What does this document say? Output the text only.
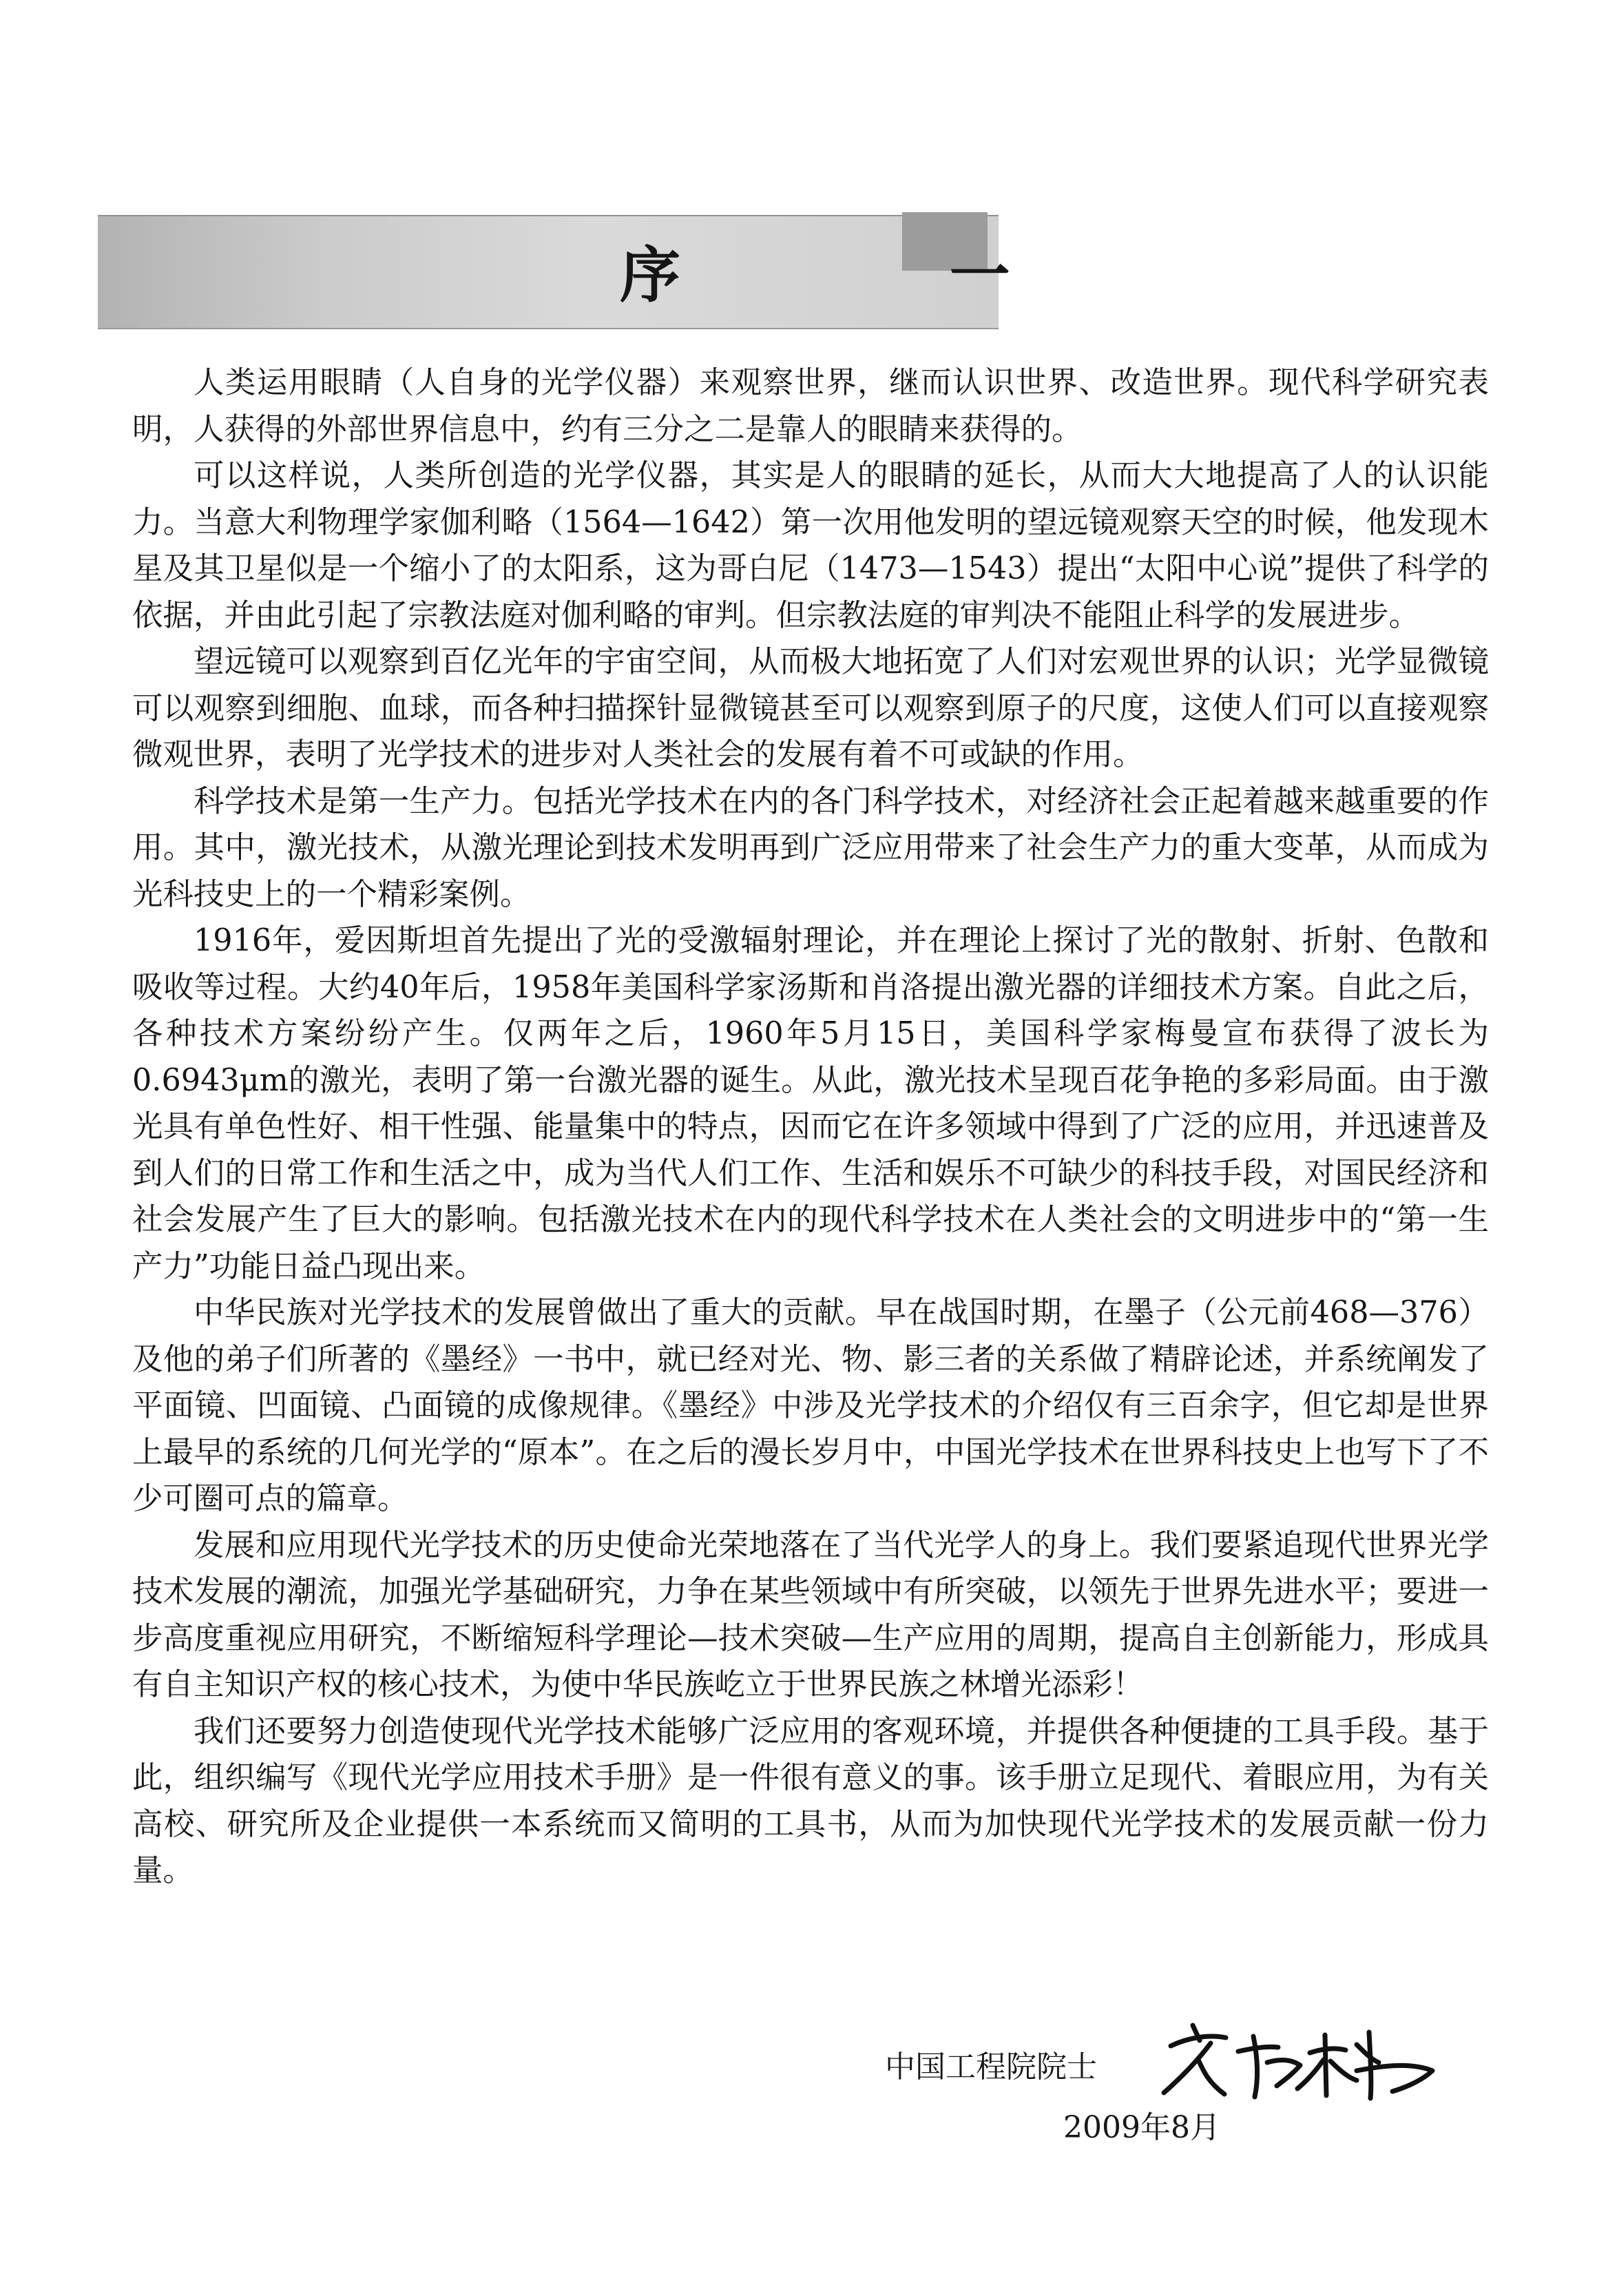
序 一

人类运用眼睛（人自身的光学仪器）来观察世界，继而认识世界、改造世界。现代科学研究表明，人获得的外部世界信息中，约有三分之二是靠人的眼睛来获得的。

可以这样说，人类所创造的光学仪器，其实是人的眼睛的延长，从而大大地提高了人的认识能力。当意大利物理学家伽利略（1564—1642）第一次用他发明的望远镜观察天空的时候，他发现木星及其卫星似是一个缩小了的太阳系，这为哥白尼（1473—1543）提出“太阳中心说”提供了科学的依据，并由此引起了宗教法庭对伽利略的审判。但宗教法庭的审判决不能阻止科学的发展进步。

望远镜可以观察到百亿光年的宇宙空间，从而极大地拓宽了人们对宏观世界的认识；光学显微镜可以观察到细胞、血球，而各种扫描探针显微镜甚至可以观察到原子的尺度，这使人们可以直接观察微观世界，表明了光学技术的进步对人类社会的发展有着不可或缺的作用。

科学技术是第一生产力。包括光学技术在内的各门科学技术，对经济社会正起着越来越重要的作用。其中，激光技术，从激光理论到技术发明再到广泛应用带来了社会生产力的重大变革，从而成为光科技史上的一个精彩案例。

1916年，爱因斯坦首先提出了光的受激辐射理论，并在理论上探讨了光的散射、折射、色散和吸收等过程。大约40年后，1958年美国科学家汤斯和肖洛提出激光器的详细技术方案。自此之后，各种技术方案纷纷产生。仅两年之后，1960年5月15日，美国科学家梅曼宣布获得了波长为0.6943μm的激光，表明了第一台激光器的诞生。从此，激光技术呈现百花争艳的多彩局面。由于激光具有单色性好、相干性强、能量集中的特点，因而它在许多领域中得到了广泛的应用，并迅速普及到人们的日常工作和生活之中，成为当代人们工作、生活和娱乐不可缺少的科技手段，对国民经济和社会发展产生了巨大的影响。包括激光技术在内的现代科学技术在人类社会的文明进步中的“第一生产力”功能日益凸现出来。

中华民族对光学技术的发展曾做出了重大的贡献。早在战国时期，在墨子（公元前468—376）及他的弟子们所著的《墨经》一书中，就已经对光、物、影三者的关系做了精辟论述，并系统阐发了平面镜、凹面镜、凸面镜的成像规律。《墨经》中涉及光学技术的介绍仅有三百余字，但它却是世界上最早的系统的几何光学的“原本”。在之后的漫长岁月中，中国光学技术在世界科技史上也写下了不少可圈可点的篇章。

发展和应用现代光学技术的历史使命光荣地落在了当代光学人的身上。我们要紧追现代世界光学技术发展的潮流，加强光学基础研究，力争在某些领域中有所突破，以领先于世界先进水平；要进一步高度重视应用研究，不断缩短科学理论—技术突破—生产应用的周期，提高自主创新能力，形成具有自主知识产权的核心技术，为使中华民族屹立于世界民族之林增光添彩！

我们还要努力创造使现代光学技术能够广泛应用的客观环境，并提供各种便捷的工具手段。基于此，组织编写《现代光学应用技术手册》是一件很有意义的事。该手册立足现代、着眼应用，为有关高校、研究所及企业提供一本系统而又简明的工具书，从而为加快现代光学技术的发展贡献一份力量。

中国工程院院士
2009年8月
